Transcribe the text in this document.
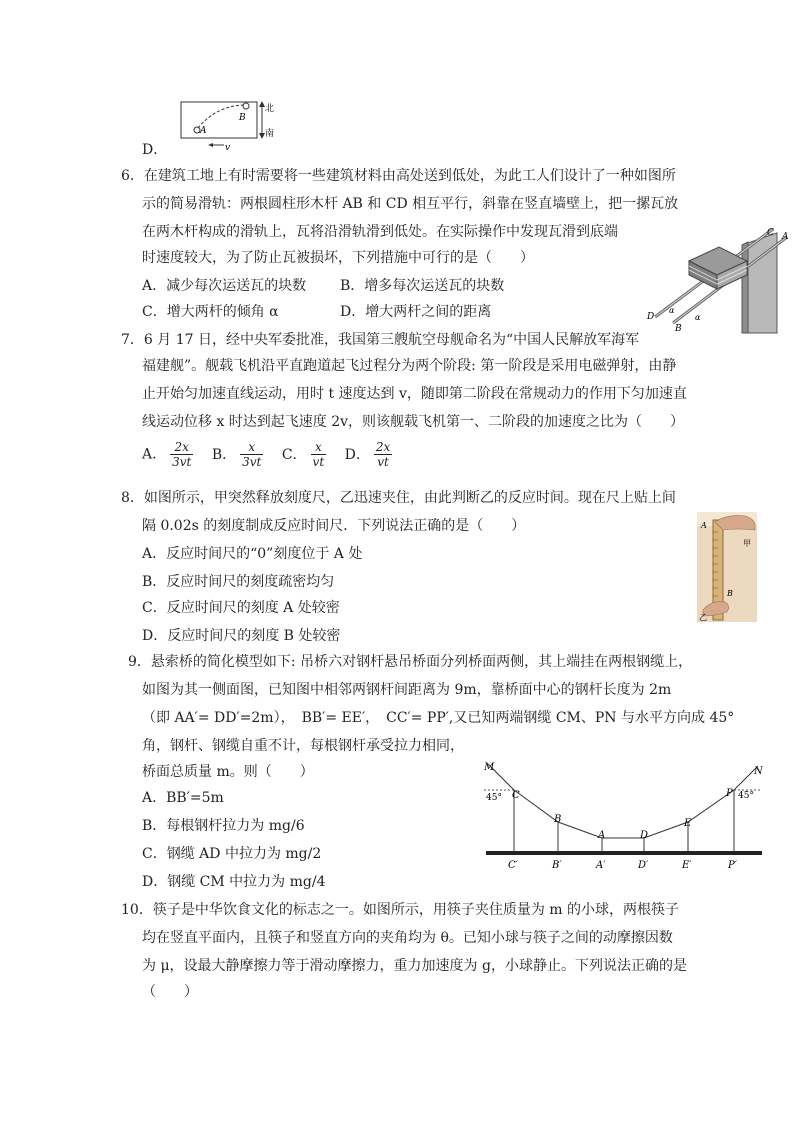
B
A
北
南
v
D．
6．在建筑工地上有时需要将一些建筑材料由高处送到低处，为此工人们设计了一种如图所
示的简易滑轨：两根圆柱形木杆 AB 和 CD 相互平行，斜靠在竖直墙壁上，把一摞瓦放
在两木杆构成的滑轨上，瓦将沿滑轨滑到低处。在实际操作中发现瓦滑到底端
时速度较大，为了防止瓦被损坏，下列措施中可行的是（　　）
A．减少每次运送瓦的块数 B．增多每次运送瓦的块数
C．增大两杆的倾角 α	D．增大两杆之间的距离
C A
D
B
α
α
7．6 月 17 日，经中央军委批准，我国第三艘航空母舰命名为“中国人民解放军海军
福建舰”。舰载飞机沿平直跑道起飞过程分为两个阶段: 第一阶段是采用电磁弹射，由静
止开始匀加速直线运动，用时 t 速度达到 v，随即第二阶段在常规动力的作用下匀加速直
线运动位移 x 时达到起飞速度 2v，则该舰载飞机第一、二阶段的加速度之比为（　　）
A． $\frac{2x}{3vt}$ B． $\frac{x}{3vt}$ C． $\frac{x}{vt}$ D． $\frac{2x}{vt}$
8．如图所示，甲突然释放刻度尺，乙迅速夹住，由此判断乙的反应时间。现在尺上贴上间
隔 0.02s 的刻度制成反应时间尺．下列说法正确的是（　　）
A．反应时间尺的“0”刻度位于 A 处
B．反应时间尺的刻度疏密均匀
C．反应时间尺的刻度 A 处较密
D．反应时间尺的刻度 B 处较密
A
甲
B
乙
9．悬索桥的简化模型如下: 吊桥六对钢杆悬吊桥面分列桥面两侧，其上端挂在两根钢缆上，
如图为其一侧面图，已知图中相邻两钢杆间距离为 9m，靠桥面中心的钢杆长度为 2m
（即 AA′= DD′=2m），　BB′= EE′，　CC′= PP′,又已知两端钢缆 CM、PN 与水平方向成 45°
角，钢杆、钢缆自重不计，每根钢杆承受拉力相同，
桥面总质量 m。则（　　）
A．BB′=5m
B．每根钢杆拉力为 mg/6
C．钢缆 AD 中拉力为 mg/2
D．钢缆 CM 中拉力为 mg/4
M	N
45°	45°
C
B
A	D
E
P
C′	B′	A′	D′	E′	P′
10．筷子是中华饮食文化的标志之一。如图所示，用筷子夹住质量为 m 的小球，两根筷子
均在竖直平面内，且筷子和竖直方向的夹角均为 θ。已知小球与筷子之间的动摩擦因数
为 μ，设最大静摩擦力等于滑动摩擦力，重力加速度为 g，小球静止。下列说法正确的是
（　　）
